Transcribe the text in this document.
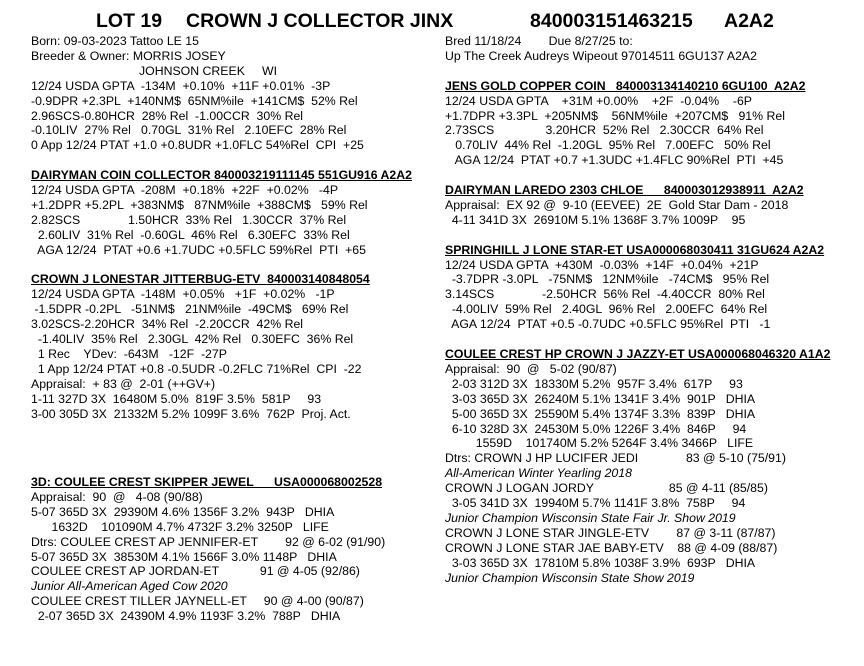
LOT 19 CROWN J COLLECTOR JINX	840003151463215 A2A2
Born: 09-03-2023 Tattoo LE 15
Breeder & Owner: MORRIS JOSEY
JOHNSON CREEK     WI
12/24 USDA GPTA  -134M  +0.10%  +11F +0.01%  -3P
-0.9DPR +2.3PL  +140NM$  65NM%ile  +141CM$  52% Rel
2.96SCS-0.80HCR  28% Rel  -1.00CCR  30% Rel
-0.10LIV  27% Rel   0.70GL  31% Rel   2.10EFC  28% Rel
0 App 12/24 PTAT +1.0 +0.8UDR +1.0FLC 54%Rel  CPI  +25
DAIRYMAN COIN COLLECTOR 840003219111145 551GU916 A2A2
12/24 USDA GPTA  -208M  +0.18%  +22F  +0.02%   -4P
+1.2DPR +5.2PL  +383NM$   87NM%ile  +388CM$   59% Rel
2.82SCS              1.50HCR  33% Rel   1.30CCR  37% Rel
2.60LIV  31% Rel  -0.60GL  46% Rel   6.30EFC  33% Rel
AGA 12/24  PTAT +0.6 +1.7UDC +0.5FLC 59%Rel  PTI  +65
CROWN J LONESTAR JITTERBUG-ETV  840003140848054
12/24 USDA GPTA  -148M  +0.05%   +1F  +0.02%   -1P
-1.5DPR -0.2PL   -51NM$   21NM%ile  -49CM$   69% Rel
3.02SCS-2.20HCR  34% Rel  -2.20CCR  42% Rel
-1.40LIV  35% Rel   2.30GL  42% Rel   0.30EFC  36% Rel
1 Rec    YDev:  -643M   -12F  -27P
1 App 12/24 PTAT +0.8 -0.5UDR -0.2FLC 71%Rel  CPI  -22
Appraisal:  + 83 @  2-01 (++GV+)
1-11 327D 3X  16480M 5.0%  819F 3.5%  581P     93
3-00 305D 3X  21332M 5.2% 1099F 3.6%  762P  Proj. Act.
3D: COULEE CREST SKIPPER JEWEL      USA000068002528
Appraisal:  90  @   4-08 (90/88)
5-07 365D 3X  29390M 4.6% 1356F 3.2%  943P   DHIA
1632D    101090M 4.7% 4732F 3.2% 3250P   LIFE
Dtrs: COULEE CREST AP JENNIFER-ET        92 @ 6-02 (91/90)
5-07 365D 3X  38530M 4.1% 1566F 3.0% 1148P   DHIA
COULEE CREST AP JORDAN-ET            91 @ 4-05 (92/86)
Junior All-American Aged Cow 2020
COULEE CREST TILLER JAYNELL-ET     90 @ 4-00 (90/87)
2-07 365D 3X  24390M 4.9% 1193F 3.2%  788P   DHIA
Bred 11/18/24        Due 8/27/25 to:
Up The Creek Audreys Wipeout 97014511 6GU137 A2A2
JENS GOLD COPPER COIN   840003134140210 6GU100  A2A2
12/24 USDA GPTA    +31M +0.00%    +2F  -0.04%    -6P
+1.7DPR +3.3PL  +205NM$    56NM%ile  +207CM$   91% Rel
2.73SCS               3.20HCR  52% Rel   2.30CCR  64% Rel
0.70LIV  44% Rel  -1.20GL  95% Rel   7.00EFC   50% Rel
AGA 12/24  PTAT +0.7 +1.3UDC +1.4FLC 90%Rel  PTI  +45
DAIRYMAN LAREDO 2303 CHLOE      840003012938911  A2A2
Appraisal:  EX 92 @  9-10 (EEVEE)  2E  Gold Star Dam - 2018
4-11 341D 3X  26910M 5.1% 1368F 3.7% 1009P    95
SPRINGHILL J LONE STAR-ET USA000068030411 31GU624 A2A2
12/24 USDA GPTA  +430M  -0.03%  +14F  +0.04%  +21P
-3.7DPR -3.0PL   -75NM$   12NM%ile   -74CM$   95% Rel
3.14SCS              -2.50HCR  56% Rel  -4.40CCR  80% Rel
-4.00LIV  59% Rel   2.40GL  96% Rel   2.00EFC  64% Rel
AGA 12/24  PTAT +0.5 -0.7UDC +0.5FLC 95%Rel  PTI   -1
COULEE CREST HP CROWN J JAZZY-ET USA000068046320 A1A2
Appraisal:  90  @   5-02 (90/87)
2-03 312D 3X  18330M 5.2%  957F 3.4%  617P     93
3-03 365D 3X  26240M 5.1% 1341F 3.4%  901P   DHIA
5-00 365D 3X  25590M 5.4% 1374F 3.3%  839P   DHIA
6-10 328D 3X  24530M 5.0% 1226F 3.4%  846P     94
1559D    101740M 5.2% 5264F 3.4% 3466P   LIFE
Dtrs: CROWN J HP LUCIFER JEDI              83 @ 5-10 (75/91)
All-American Winter Yearling 2018
CROWN J LOGAN JORDY                      85 @ 4-11 (85/85)
3-05 341D 3X  19940M 5.7% 1141F 3.8%  758P     94
Junior Champion Wisconsin State Fair Jr. Show 2019
CROWN J LONE STAR JINGLE-ETV        87 @ 3-11 (87/87)
CROWN J LONE STAR JAE BABY-ETV    88 @ 4-09 (88/87)
3-03 365D 3X  17810M 5.8% 1038F 3.9%  693P   DHIA
Junior Champion Wisconsin State Show 2019
